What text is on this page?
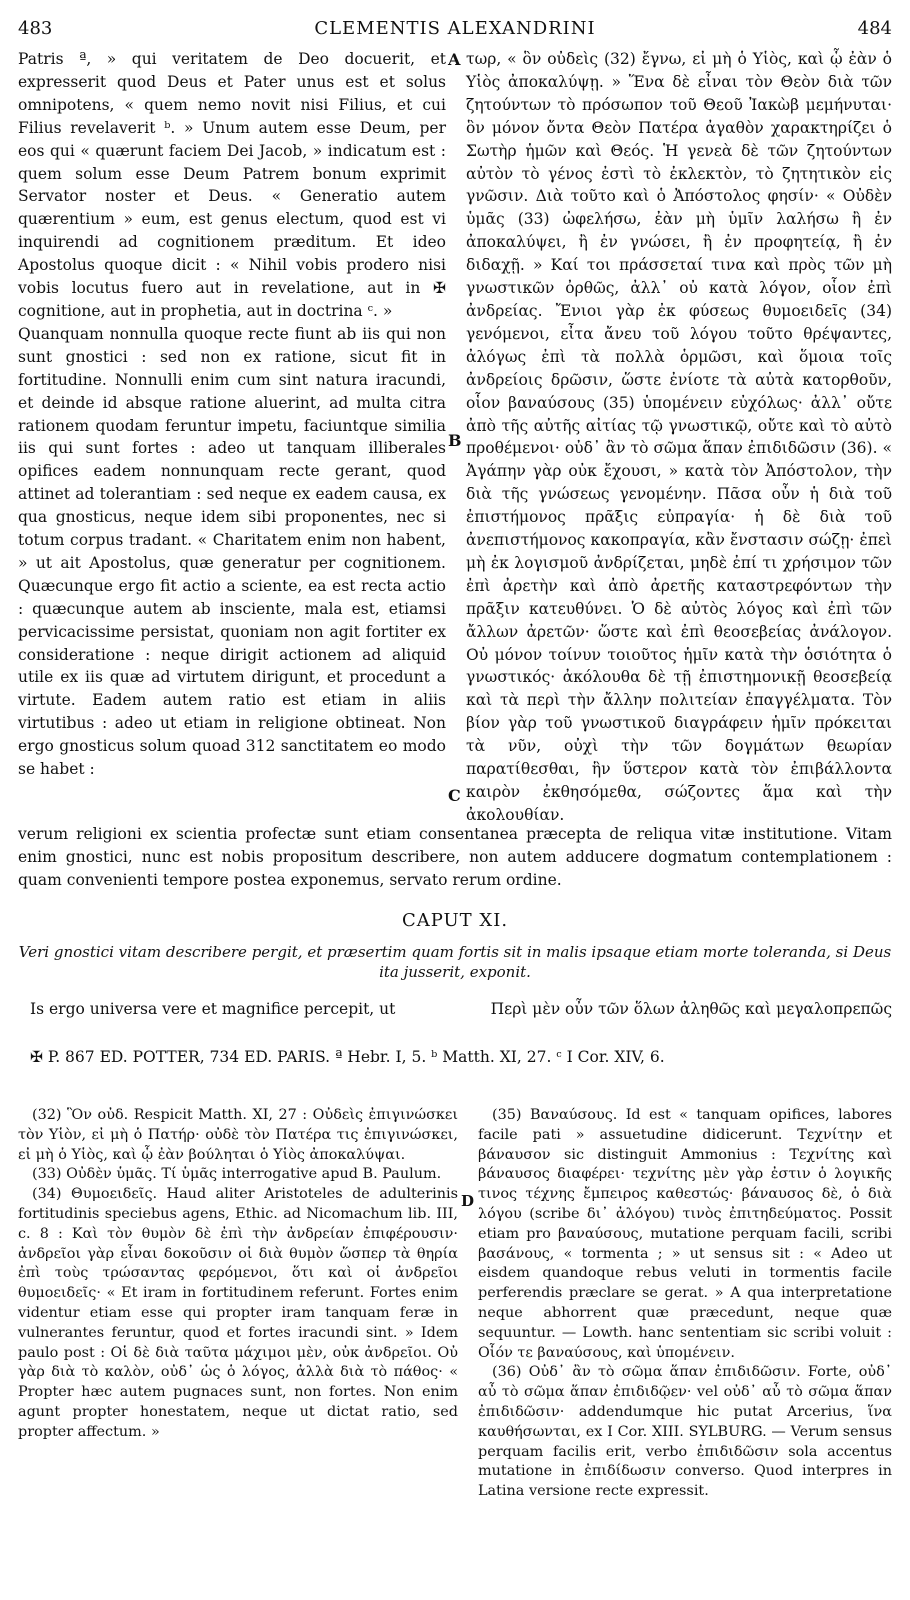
483	CLEMENTIS ALEXANDRINI	484

Patris ª, » qui veritatem de Deo docuerit, et expresserit quod Deus et Pater unus est et solus omnipotens, « quem nemo novit nisi Filius, et cui Filius revelaverit ᵇ. » Unum autem esse Deum, per eos qui « quærunt faciem Dei Jacob, » indicatum est : quem solum esse Deum Patrem bonum exprimit Servator noster et Deus. « Generatio autem quærentium » eum, est genus electum, quod est vi inquirendi ad cognitionem præditum. Et ideo Apostolus quoque dicit : « Nihil vobis prodero nisi vobis locutus fuero aut in revelatione, aut in ✠ cognitione, aut in prophetia, aut in doctrina ᶜ. »

Quanquam nonnulla quoque recte fiunt ab iis qui non sunt gnostici : sed non ex ratione, sicut fit in fortitudine. Nonnulli enim cum sint natura iracundi, et deinde id absque ratione aluerint, ad multa citra rationem quodam feruntur impetu, faciuntque similia iis qui sunt fortes : adeo ut tanquam illiberales opifices eadem nonnunquam recte gerant, quod attinet ad tolerantiam : sed neque ex eadem causa, ex qua gnosticus, neque idem sibi proponentes, nec si totum corpus tradant. « Charitatem enim non habent, » ut ait Apostolus, quæ generatur per cognitionem. Quæcunque ergo fit actio a sciente, ea est recta actio : quæcunque autem ab insciente, mala est, etiamsi pervicacissime persistat, quoniam non agit fortiter ex consideratione : neque dirigit actionem ad aliquid utile ex iis quæ ad virtutem dirigunt, et procedunt a virtute. Eadem autem ratio est etiam in aliis virtutibus : adeo ut etiam in religione obtineat. Non ergo gnosticus solum quoad 312 sanctitatem eo modo se habet :

τωρ, « ὃν οὐδεὶς (32) ἔγνω, εἰ μὴ ὁ Υἱὸς, καὶ ᾧ ἐὰν ὁ Υἱὸς ἀποκαλύψῃ. » Ἕνα δὲ εἶναι τὸν Θεὸν διὰ τῶν ζητούντων τὸ πρόσωπον τοῦ Θεοῦ Ἰακὼβ μεμήνυται· ὃν μόνον ὄντα Θεὸν Πατέρα ἀγαθὸν χαρακτηρίζει ὁ Σωτὴρ ἡμῶν καὶ Θεός. Ἡ γενεὰ δὲ τῶν ζητούντων αὐτὸν τὸ γένος ἐστὶ τὸ ἐκλεκτὸν, τὸ ζητητικὸν εἰς γνῶσιν. Διὰ τοῦτο καὶ ὁ Ἀπόστολος φησίν· « Οὐδὲν ὑμᾶς (33) ὠφελήσω, ἐὰν μὴ ὑμῖν λαλήσω ἢ ἐν ἀποκαλύψει, ἢ ἐν γνώσει, ἢ ἐν προφητείᾳ, ἢ ἐν διδαχῇ. » Καί τοι πράσσεταί τινα καὶ πρὸς τῶν μὴ γνωστικῶν ὀρθῶς, ἀλλ᾽ οὐ κατὰ λόγον, οἷον ἐπὶ ἀνδρείας. Ἔνιοι γὰρ ἐκ φύσεως θυμοειδεῖς (34) γενόμενοι, εἶτα ἄνευ τοῦ λόγου τοῦτο θρέψαντες, ἀλόγως ἐπὶ τὰ πολλὰ ὁρμῶσι, καὶ ὅμοια τοῖς ἀνδρείοις δρῶσιν, ὥστε ἐνίοτε τὰ αὐτὰ κατορθοῦν, οἷον βαναύσους (35) ὑπομένειν εὐχόλως· ἀλλ᾽ οὔτε ἀπὸ τῆς αὐτῆς αἰτίας τῷ γνωστικῷ, οὔτε καὶ τὸ αὐτὸ προθέμενοι· οὐδ᾽ ἂν τὸ σῶμα ἅπαν ἐπιδιδῶσιν (36). « Ἀγάπην γὰρ οὐκ ἔχουσι, » κατὰ τὸν Ἀπόστολον, τὴν διὰ τῆς γνώσεως γενομένην. Πᾶσα οὖν ἡ διὰ τοῦ ἐπιστήμονος πρᾶξις εὐπραγία· ἡ δὲ διὰ τοῦ ἀνεπιστήμονος κακοπραγία, κἂν ἔνστασιν σώζῃ· ἐπεὶ μὴ ἐκ λογισμοῦ ἀνδρίζεται, μηδὲ ἐπί τι χρήσιμον τῶν ἐπὶ ἀρετὴν καὶ ἀπὸ ἀρετῆς καταστρεφόντων τὴν πρᾶξιν κατευθύνει. Ὁ δὲ αὐτὸς λόγος καὶ ἐπὶ τῶν ἄλλων ἀρετῶν· ὥστε καὶ ἐπὶ θεοσεβείας ἀνάλογον. Οὐ μόνον τοίνυν τοιοῦτος ἡμῖν κατὰ τὴν ὁσιότητα ὁ γνωστικός· ἀκόλουθα δὲ τῇ ἐπιστημονικῇ θεοσεβείᾳ καὶ τὰ περὶ τὴν ἄλλην πολιτείαν ἐπαγγέλματα. Τὸν βίον γὰρ τοῦ γνωστικοῦ διαγράφειν ἡμῖν πρόκειται τὰ νῦν, οὐχὶ τὴν τῶν δογμάτων θεωρίαν παρατίθεσθαι, ἣν ὕστερον κατὰ τὸν ἐπιβάλλοντα καιρὸν ἐκθησόμεθα, σώζοντες ἅμα καὶ τὴν ἀκολουθίαν.

A
B
C

verum religioni ex scientia profectæ sunt etiam consentanea præcepta de reliqua vitæ institutione. Vitam enim gnostici, nunc est nobis propositum describere, non autem adducere dogmatum contemplationem : quam convenienti tempore postea exponemus, servato rerum ordine.

CAPUT XI.
Veri gnostici vitam describere pergit, et præsertim quam fortis sit in malis ipsaque etiam morte toleranda, si Deus ita jusserit, exponit.
Is ergo universa vere et magnifice percepit, ut	Περὶ μὲν οὖν τῶν ὅλων ἀληθῶς καὶ μεγαλοπρεπῶς
✠ P. 867 ED. POTTER, 734 ED. PARIS. ª Hebr. I, 5. ᵇ Matth. XI, 27. ᶜ I Cor. XIV, 6.

(32) Ὃν οὐδ. Respicit Matth. XI, 27 : Οὐδεὶς ἐπιγινώσκει τὸν Υἱὸν, εἰ μὴ ὁ Πατήρ· οὐδὲ τὸν Πατέρα τις ἐπιγινώσκει, εἰ μὴ ὁ Υἱὸς, καὶ ᾧ ἐὰν βούληται ὁ Υἱὸς ἀποκαλύψαι.

(33) Οὐδὲν ὑμᾶς. Τί ὑμᾶς interrogative apud B. Paulum.

(34) Θυμοειδεῖς. Haud aliter Aristoteles de adulterinis fortitudinis speciebus agens, Ethic. ad Nicomachum lib. III, c. 8 : Καὶ τὸν θυμὸν δὲ ἐπὶ τὴν ἀνδρείαν ἐπιφέρουσιν· ἀνδρεῖοι γὰρ εἶναι δοκοῦσιν οἱ διὰ θυμὸν ὥσπερ τὰ θηρία ἐπὶ τοὺς τρώσαντας φερόμενοι, ὅτι καὶ οἱ ἀνδρεῖοι θυμοειδεῖς· « Et iram in fortitudinem referunt. Fortes enim videntur etiam esse qui propter iram tanquam feræ in vulnerantes feruntur, quod et fortes iracundi sint. » Idem paulo post : Οἱ δὲ διὰ ταῦτα μάχιμοι μὲν, οὐκ ἀνδρεῖοι. Οὐ γὰρ διὰ τὸ καλὸν, οὐδ᾽ ὡς ὁ λόγος, ἀλλὰ διὰ τὸ πάθος· « Propter hæc autem pugnaces sunt, non fortes. Non enim agunt propter honestatem, neque ut dictat ratio, sed propter affectum. »

D

(35) Βαναύσους. Id est « tanquam opifices, labores facile pati » assuetudine didicerunt. Τεχνίτην et βάναυσον sic distinguit Ammonius : Τεχνίτης καὶ βάναυσος διαφέρει· τεχνίτης μὲν γὰρ ἐστιν ὁ λογικῆς τινος τέχνης ἔμπειρος καθεστώς· βάναυσος δὲ, ὁ διὰ λόγου (scribe δι᾽ ἀλόγου) τινὸς ἐπιτηδεύματος. Possit etiam pro βαναύσους, mutatione perquam facili, scribi βασάνους, « tormenta ; » ut sensus sit : « Adeo ut eisdem quandoque rebus veluti in tormentis facile perferendis præclare se gerat. » A qua interpretatione neque abhorrent quæ præcedunt, neque quæ sequuntur. — Lowth. hanc sententiam sic scribi voluit : Οἷόν τε βαναύσους, καὶ ὑπομένειν.

(36) Οὐδ᾽ ἂν τὸ σῶμα ἅπαν ἐπιδιδῶσιν. Forte, οὐδ᾽ αὖ τὸ σῶμα ἅπαν ἐπιδιδῷεν· vel οὐδ᾽ αὖ τὸ σῶμα ἅπαν ἐπιδιδῶσιν· addendumque hic putat Arcerius, ἵνα καυθήσωνται, ex I Cor. XIII. SYLBURG. — Verum sensus perquam facilis erit, verbo ἐπιδιδῶσιν sola accentus mutatione in ἐπιδίδωσιν converso. Quod interpres in Latina versione recte expressit.
